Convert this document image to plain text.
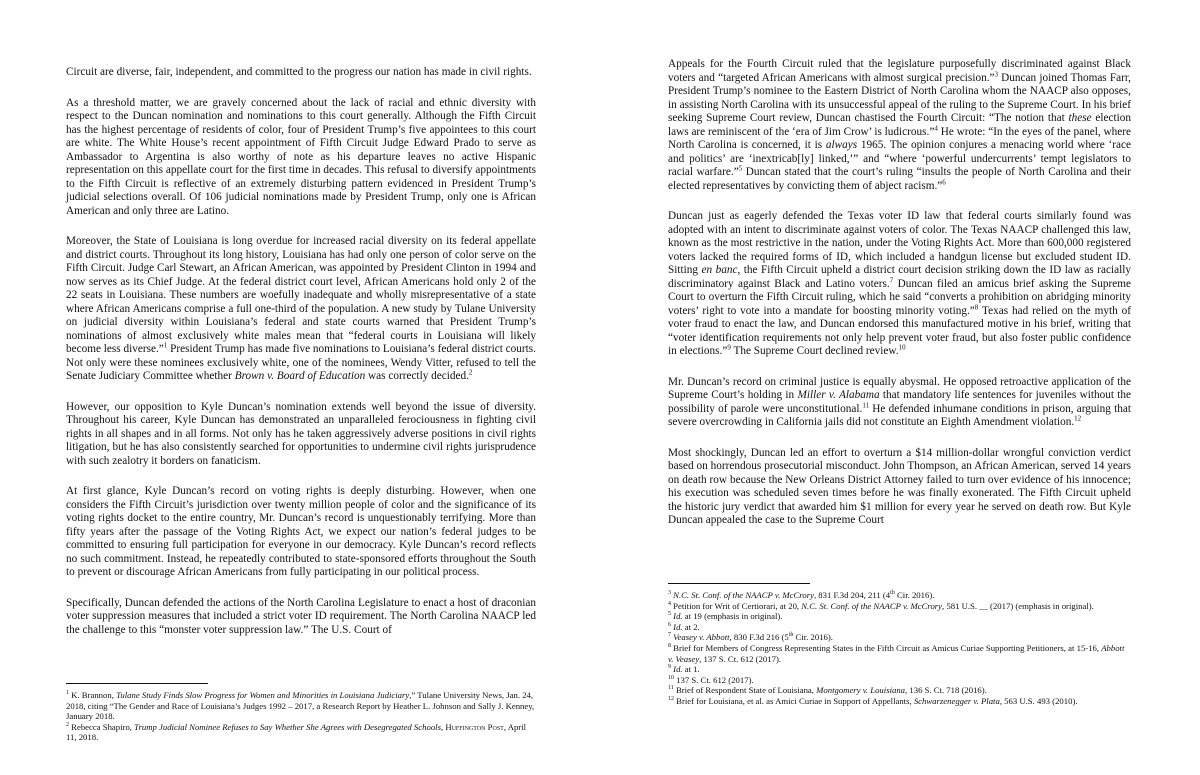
Circuit are diverse, fair, independent, and committed to the progress our nation has made in civil rights.

As a threshold matter, we are gravely concerned about the lack of racial and ethnic diversity with respect to the Duncan nomination and nominations to this court generally. Although the Fifth Circuit has the highest percentage of residents of color, four of President Trump’s five appointees to this court are white. The White House’s recent appointment of Fifth Circuit Judge Edward Prado to serve as Ambassador to Argentina is also worthy of note as his departure leaves no active Hispanic representation on this appellate court for the first time in decades. This refusal to diversify appointments to the Fifth Circuit is reflective of an extremely disturbing pattern evidenced in President Trump’s judicial selections overall. Of 106 judicial nominations made by President Trump, only one is African American and only three are Latino.

Moreover, the State of Louisiana is long overdue for increased racial diversity on its federal appellate and district courts. Throughout its long history, Louisiana has had only one person of color serve on the Fifth Circuit. Judge Carl Stewart, an African American, was appointed by President Clinton in 1994 and now serves as its Chief Judge. At the federal district court level, African Americans hold only 2 of the 22 seats in Louisiana. These numbers are woefully inadequate and wholly misrepresentative of a state where African Americans comprise a full one-third of the population. A new study by Tulane University on judicial diversity within Louisiana’s federal and state courts warned that President Trump’s nominations of almost exclusively white males mean that “federal courts in Louisiana will likely become less diverse.”$^1$ President Trump has made five nominations to Louisiana’s federal district courts. Not only were these nominees exclusively white, one of the nominees, Wendy Vitter, refused to tell the Senate Judiciary Committee whether Brown v. Board of Education was correctly decided.$^2$

However, our opposition to Kyle Duncan’s nomination extends well beyond the issue of diversity. Throughout his career, Kyle Duncan has demonstrated an unparalleled ferociousness in fighting civil rights in all shapes and in all forms. Not only has he taken aggressively adverse positions in civil rights litigation, but he has also consistently searched for opportunities to undermine civil rights jurisprudence with such zealotry it borders on fanaticism.

At first glance, Kyle Duncan’s record on voting rights is deeply disturbing. However, when one considers the Fifth Circuit’s jurisdiction over twenty million people of color and the significance of its voting rights docket to the entire country, Mr. Duncan’s record is unquestionably terrifying. More than fifty years after the passage of the Voting Rights Act, we expect our nation’s federal judges to be committed to ensuring full participation for everyone in our democracy. Kyle Duncan’s record reflects no such commitment. Instead, he repeatedly contributed to state-sponsored efforts throughout the South to prevent or discourage African Americans from fully participating in our political process.

Specifically, Duncan defended the actions of the North Carolina Legislature to enact a host of draconian voter suppression measures that included a strict voter ID requirement. The North Carolina NAACP led the challenge to this “monster voter suppression law.” The U.S. Court of

$^1$ K. Brannon, Tulane Study Finds Slow Progress for Women and Minorities in Louisiana Judiciary,” Tulane University News, Jan. 24, 2018, citing “The Gender and Race of Louisiana’s Judges 1992 – 2017, a Research Report by Heather L. Johnson and Sally J. Kenney, January 2018.

$^2$ Rebecca Shapiro, Trump Judicial Nominee Refuses to Say Whether She Agrees with Desegregated Schools, Huffington Post, April 11, 2018.

Appeals for the Fourth Circuit ruled that the legislature purposefully discriminated against Black voters and “targeted African Americans with almost surgical precision.”$^3$ Duncan joined Thomas Farr, President Trump’s nominee to the Eastern District of North Carolina whom the NAACP also opposes, in assisting North Carolina with its unsuccessful appeal of the ruling to the Supreme Court. In his brief seeking Supreme Court review, Duncan chastised the Fourth Circuit: “The notion that these election laws are reminiscent of the ‘era of Jim Crow’ is ludicrous.”$^4$ He wrote: “In the eyes of the panel, where North Carolina is concerned, it is always 1965. The opinion conjures a menacing world where ‘race and politics’ are ‘inextricab[ly] linked,’” and “where ‘powerful undercurrents’ tempt legislators to racial warfare.”$^5$ Duncan stated that the court’s ruling “insults the people of North Carolina and their elected representatives by convicting them of abject racism.”$^6$

Duncan just as eagerly defended the Texas voter ID law that federal courts similarly found was adopted with an intent to discriminate against voters of color. The Texas NAACP challenged this law, known as the most restrictive in the nation, under the Voting Rights Act. More than 600,000 registered voters lacked the required forms of ID, which included a handgun license but excluded student ID. Sitting en banc, the Fifth Circuit upheld a district court decision striking down the ID law as racially discriminatory against Black and Latino voters.$^7$ Duncan filed an amicus brief asking the Supreme Court to overturn the Fifth Circuit ruling, which he said “converts a prohibition on abridging minority voters’ right to vote into a mandate for boosting minority voting.”$^8$ Texas had relied on the myth of voter fraud to enact the law, and Duncan endorsed this manufactured motive in his brief, writing that “voter identification requirements not only help prevent voter fraud, but also foster public confidence in elections.”$^9$ The Supreme Court declined review.$^{10}$

Mr. Duncan’s record on criminal justice is equally abysmal. He opposed retroactive application of the Supreme Court’s holding in Miller v. Alabama that mandatory life sentences for juveniles without the possibility of parole were unconstitutional.$^{11}$ He defended inhumane conditions in prison, arguing that severe overcrowding in California jails did not constitute an Eighth Amendment violation.$^{12}$

Most shockingly, Duncan led an effort to overturn a $14 million-dollar wrongful conviction verdict based on horrendous prosecutorial misconduct. John Thompson, an African American, served 14 years on death row because the New Orleans District Attorney failed to turn over evidence of his innocence; his execution was scheduled seven times before he was finally exonerated. The Fifth Circuit upheld the historic jury verdict that awarded him $1 million for every year he served on death row. But Kyle Duncan appealed the case to the Supreme Court

$^3$ N.C. St. Conf. of the NAACP v. McCrory, 831 F.3d 204, 211 (4th Cir. 2016).

$^4$ Petition for Writ of Certiorari, at 20, N.C. St. Conf. of the NAACP v. McCrory, 581 U.S. __ (2017) (emphasis in original).

$^5$ Id. at 19 (emphasis in original).

$^6$ Id. at 2.

$^7$ Veasey v. Abbott, 830 F.3d 216 (5th Cir. 2016).

$^8$ Brief for Members of Congress Representing States in the Fifth Circuit as Amicus Curiae Supporting Petitioners, at 15-16, Abbott v. Veasey, 137 S. Ct. 612 (2017).

$^9$ Id. at 1.

$^{10}$ 137 S. Ct. 612 (2017).

$^{11}$ Brief of Respondent State of Louisiana, Montgomery v. Louisiana, 136 S. Ct. 718 (2016).

$^{12}$ Brief for Louisiana, et al. as Amici Curiae in Support of Appellants, Schwarzenegger v. Plata, 563 U.S. 493 (2010).
